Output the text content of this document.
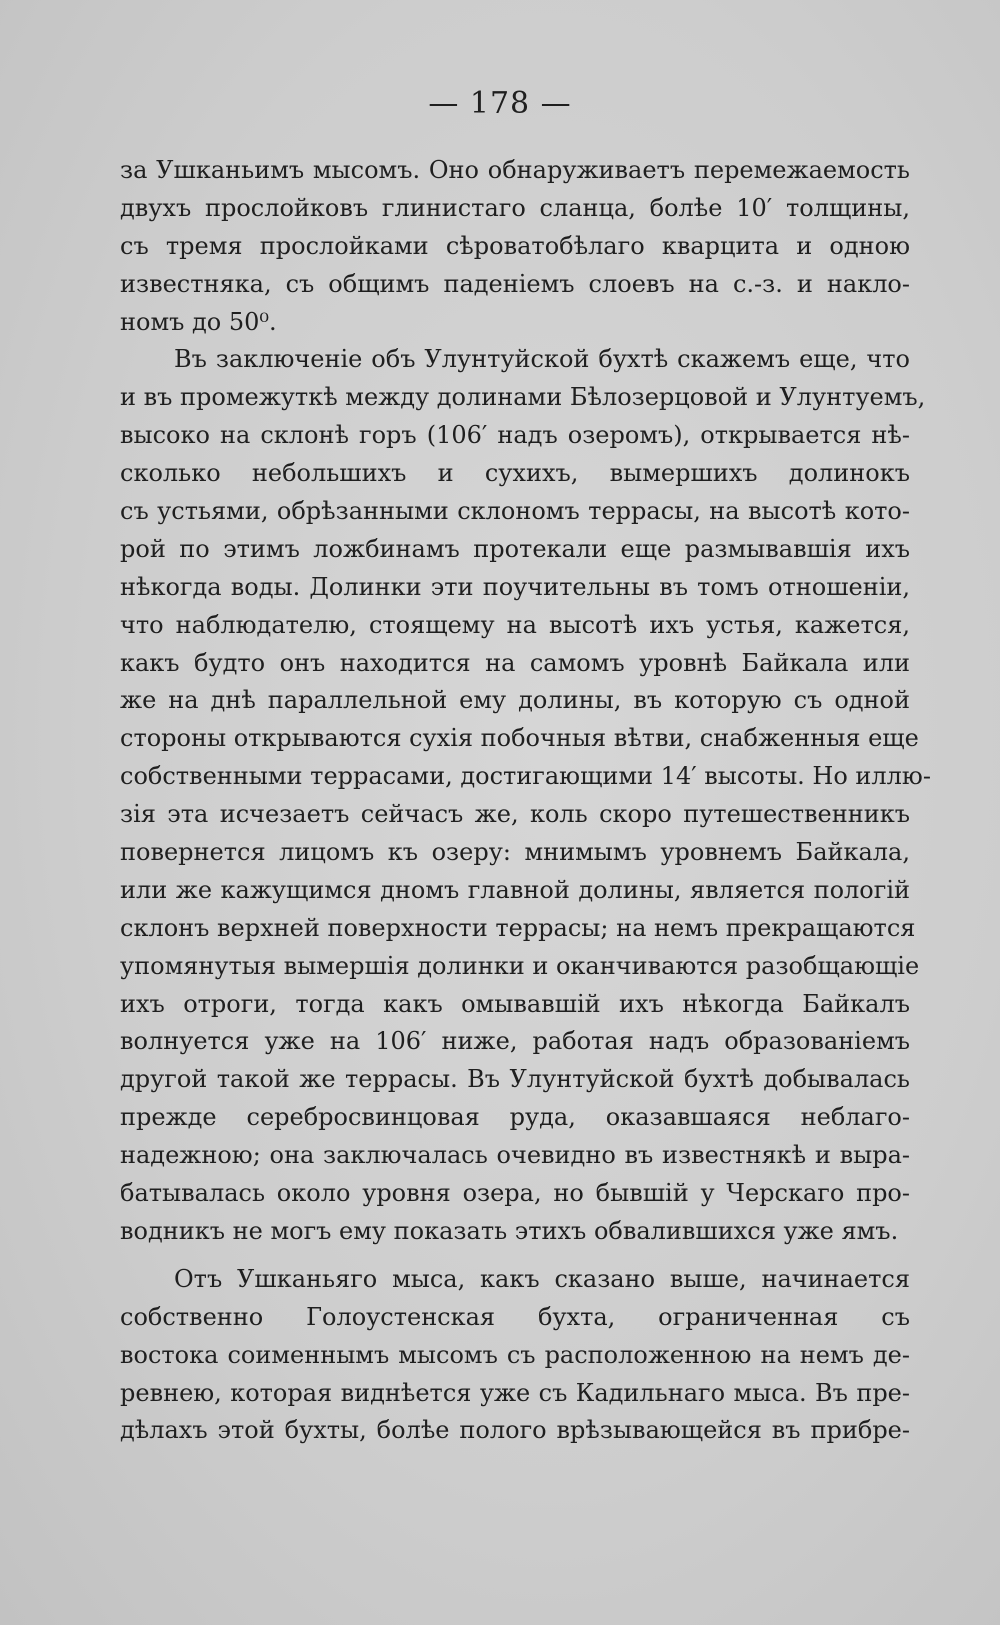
— 178 —
за Ушканьимъ мысомъ. Оно обнаруживаетъ перемежаемость
двухъ прослойковъ глинистаго сланца, болѣе 10′ толщины,
съ тремя прослойками сѣроватобѣлаго кварцита и одною
известняка, съ общимъ паденіемъ слоевъ на с.-з. и накло-
номъ до 50⁰.
Въ заключеніе объ Улунтуйской бухтѣ скажемъ еще, что
и въ промежуткѣ между долинами Бѣлозерцовой и Улунтуемъ,
высоко на склонѣ горъ (106′ надъ озеромъ), открывается нѣ-
сколько небольшихъ и сухихъ, вымершихъ долинокъ
съ устьями, обрѣзанными склономъ террасы, на высотѣ кото-
рой по этимъ ложбинамъ протекали еще размывавшія ихъ
нѣкогда воды. Долинки эти поучительны въ томъ отношеніи,
что наблюдателю, стоящему на высотѣ ихъ устья, кажется,
какъ будто онъ находится на самомъ уровнѣ Байкала или
же на днѣ параллельной ему долины, въ которую съ одной
стороны открываются сухія побочныя вѣтви, снабженныя еще
собственными террасами, достигающими 14′ высоты. Но иллю-
зія эта исчезаетъ сейчасъ же, коль скоро путешественникъ
повернется лицомъ къ озеру: мнимымъ уровнемъ Байкала,
или же кажущимся дномъ главной долины, является пологій
склонъ верхней поверхности террасы; на немъ прекращаются
упомянутыя вымершія долинки и оканчиваются разобщающіе
ихъ отроги, тогда какъ омывавшій ихъ нѣкогда Байкалъ
волнуется уже на 106′ ниже, работая надъ образованіемъ
другой такой же террасы. Въ Улунтуйской бухтѣ добывалась
прежде серебросвинцовая руда, оказавшаяся неблаго-
надежною; она заключалась очевидно въ известнякѣ и выра-
батывалась около уровня озера, но бывшій у Черскаго про-
водникъ не могъ ему показать этихъ обвалившихся уже ямъ.
Отъ Ушканьяго мыса, какъ сказано выше, начинается
собственно Голоустенская бухта, ограниченная съ
востока соименнымъ мысомъ съ расположенною на немъ де-
ревнею, которая виднѣется уже съ Кадильнаго мыса. Въ пре-
дѣлахъ этой бухты, болѣе полого врѣзывающейся въ прибре-
